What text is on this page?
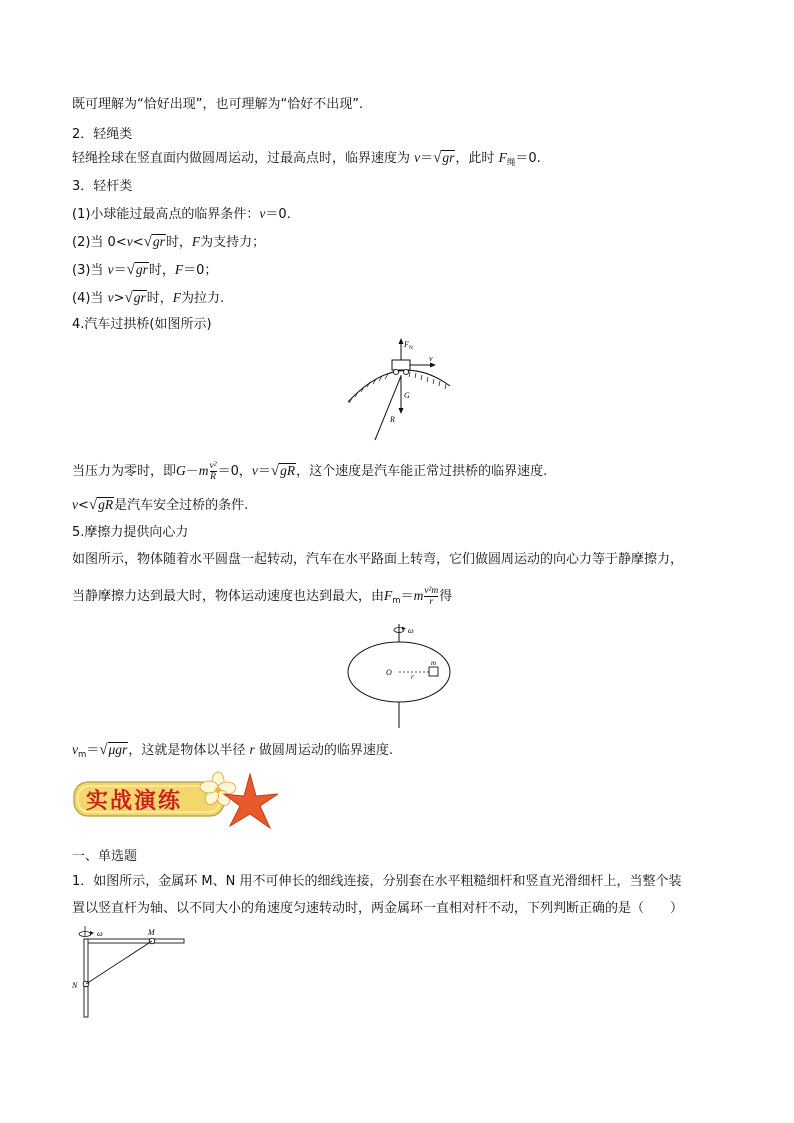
既可理解为“恰好出现”，也可理解为“恰好不出现”.
2．轻绳类
轻绳拴球在竖直面内做圆周运动，过最高点时，临界速度为 v＝√gr，此时 $F_绳=0$.
3．轻杆类
(1)小球能过最高点的临界条件：v＝0.
(2)当 0<v<√gr时，F为支持力；
(3)当 v＝√gr时，F＝0；
(4)当 v>√gr时，F为拉力.
4.汽车过拱桥(如图所示)
$F_N$
v
G
R
当压力为零时，即$G-m \frac{\text{v²}}{R} =0$，v＝√gR，这个速度是汽车能正常过拱桥的临界速度.
v<√gR是汽车安全过桥的条件.
5.摩擦力提供向心力
如图所示，物体随着水平圆盘一起转动，汽车在水平路面上转弯，它们做圆周运动的向心力等于静摩擦力，
当静摩擦力达到最大时，物体运动速度也达到最大，由$F_m=m \frac{\text{v²m}}{r}$ 得
ω
O
m
r
$v_m=√\mu gr$，这就是物体以半径 r 做圆周运动的临界速度.
实战演练
一、单选题
1．如图所示，金属环 M、N 用不可伸长的细线连接，分别套在水平粗糙细杆和竖直光滑细杆上，当整个装
置以竖直杆为轴、以不同大小的角速度匀速转动时，两金属环一直相对杆不动，下列判断正确的是（　　）
ω	M
N
